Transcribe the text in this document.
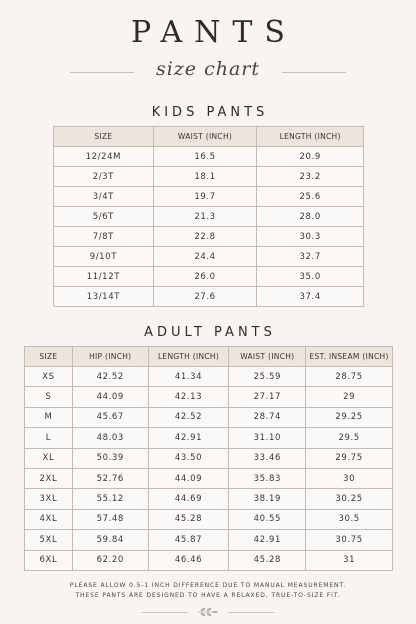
PANTS
size chart
KIDS PANTS
SIZE	WAIST (INCH)	LENGTH (INCH)
12/24M	16.5	20.9
2/3T	18.1	23.2
3/4T	19.7	25.6
5/6T	21.3	28.0
7/8T	22.8	30.3
9/10T	24.4	32.7
11/12T	26.0	35.0
13/14T	27.6	37.4
ADULT PANTS
SIZE	HIP (INCH)	LENGTH (INCH)	WAIST (INCH)	EST. INSEAM (INCH)
XS	42.52	41.34	25.59	28.75
S	44.09	42.13	27.17	29
M	45.67	42.52	28.74	29.25
L	48.03	42.91	31.10	29.5
XL	50.39	43.50	33.46	29.75
2XL	52.76	44.09	35.83	30
3XL	55.12	44.69	38.19	30.25
4XL	57.48	45.28	40.55	30.5
5XL	59.84	45.87	42.91	30.75
6XL	62.20	46.46	45.28	31
PLEASE ALLOW 0.5-1 INCH DIFFERENCE DUE TO MANUAL MEASUREMENT.
THESE PANTS ARE DESIGNED TO HAVE A RELAXED, TRUE-TO-SIZE FIT.
